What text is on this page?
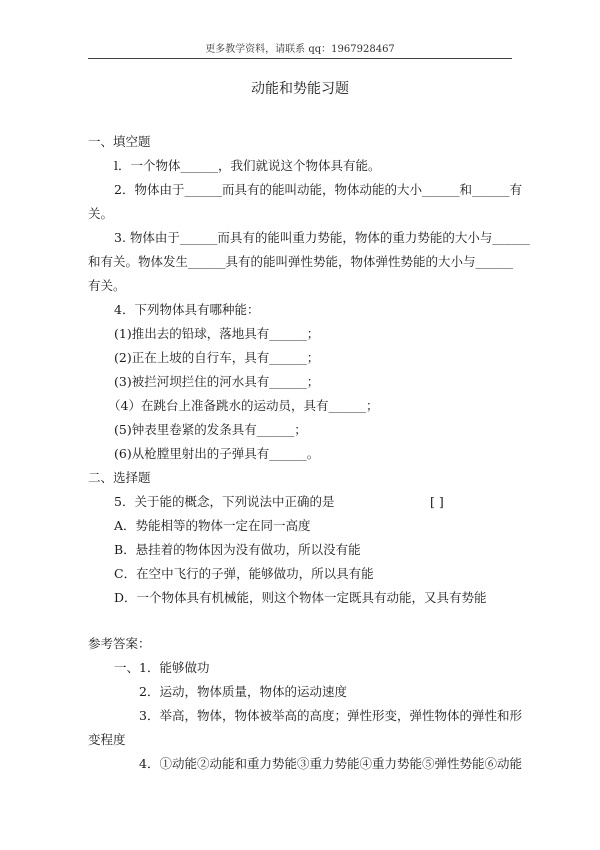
更多教学资料，请联系 qq：1967928467
动能和势能习题
一、填空题
l．一个物体______，我们就说这个物体具有能。
2．物体由于______而具有的能叫动能，物体动能的大小______和______有
关。
3. 物体由于______而具有的能叫重力势能，物体的重力势能的大小与______
和有关。物体发生______具有的能叫弹性势能，物体弹性势能的大小与______
有关。
4．下列物体具有哪种能：
(1)推出去的铅球，落地具有______；
(2)正在上坡的自行车，具有______；
(3)被拦河坝拦住的河水具有______；
（4）在跳台上准备跳水的运动员，具有______；
(5)钟表里卷紧的发条具有______；
(6)从枪膛里射出的子弹具有______。
二、选择题
5．关于能的概念，下列说法中正确的是	[ ]
A．势能相等的物体一定在同一高度
B．悬挂着的物体因为没有做功，所以没有能
C．在空中飞行的子弹，能够做功，所以具有能
D．一个物体具有机械能，则这个物体一定既具有动能，又具有势能
参考答案：
一、1．能够做功
2．运动，物体质量，物体的运动速度
3．举高，物体，物体被举高的高度；弹性形变，弹性物体的弹性和形
变程度
4．①动能②动能和重力势能③重力势能④重力势能⑤弹性势能⑥动能
